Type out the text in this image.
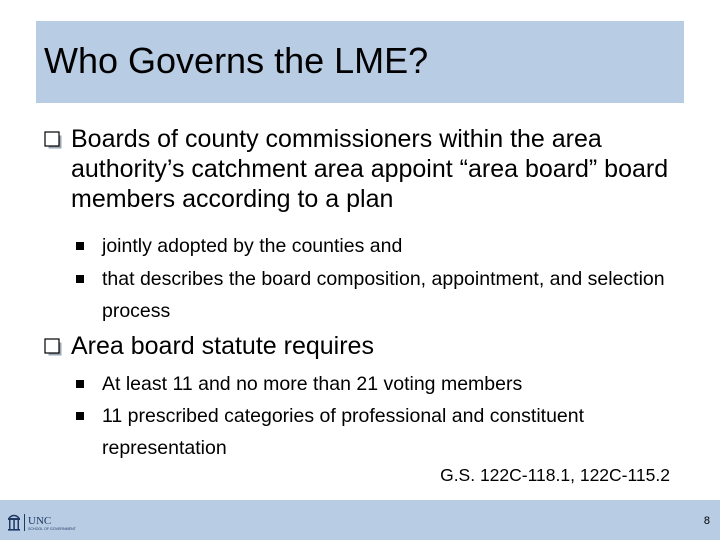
Who Governs the LME?
Boards of county commissioners within the area authority’s catchment area appoint “area board” board members according to a plan
jointly adopted by the counties and
that describes the board composition, appointment, and selection process
Area board statute requires
At least 11 and no more than 21 voting members
11 prescribed categories of professional and constituent representation
G.S. 122C-118.1, 122C-115.2
UNC
SCHOOL OF GOVERNMENT
8
